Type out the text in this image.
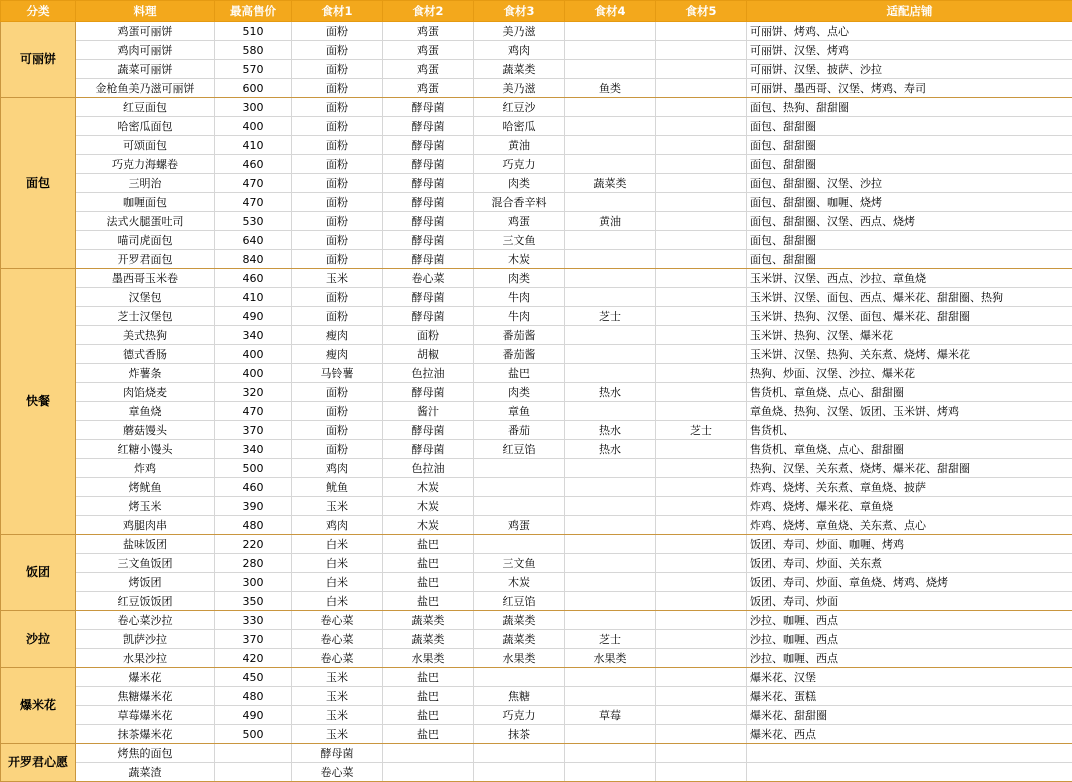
分类	料理	最高售价	食材1	食材2	食材3	食材4	食材5	适配店铺
可丽饼	鸡蛋可丽饼	510	面粉	鸡蛋	美乃滋			可丽饼、烤鸡、点心
	鸡肉可丽饼	580	面粉	鸡蛋	鸡肉			可丽饼、汉堡、烤鸡
	蔬菜可丽饼	570	面粉	鸡蛋	蔬菜类			可丽饼、汉堡、披萨、沙拉
	金枪鱼美乃滋可丽饼	600	面粉	鸡蛋	美乃滋	鱼类		可丽饼、墨西哥、汉堡、烤鸡、寿司
面包	红豆面包	300	面粉	酵母菌	红豆沙			面包、热狗、甜甜圈
	哈密瓜面包	400	面粉	酵母菌	哈密瓜			面包、甜甜圈
	可颂面包	410	面粉	酵母菌	黄油			面包、甜甜圈
	巧克力海螺卷	460	面粉	酵母菌	巧克力			面包、甜甜圈
	三明治	470	面粉	酵母菌	肉类	蔬菜类		面包、甜甜圈、汉堡、沙拉
	咖喱面包	470	面粉	酵母菌	混合香辛料			面包、甜甜圈、咖喱、烧烤
	法式火腿蛋吐司	530	面粉	酵母菌	鸡蛋	黄油		面包、甜甜圈、汉堡、西点、烧烤
	喵司虎面包	640	面粉	酵母菌	三文鱼			面包、甜甜圈
	开罗君面包	840	面粉	酵母菌	木炭			面包、甜甜圈
快餐	墨西哥玉米卷	460	玉米	卷心菜	肉类			玉米饼、汉堡、西点、沙拉、章鱼烧
	汉堡包	410	面粉	酵母菌	牛肉			玉米饼、汉堡、面包、西点、爆米花、甜甜圈、热狗
	芝士汉堡包	490	面粉	酵母菌	牛肉	芝士		玉米饼、热狗、汉堡、面包、爆米花、甜甜圈
	美式热狗	340	瘦肉	面粉	番茄酱			玉米饼、热狗、汉堡、爆米花
	德式香肠	400	瘦肉	胡椒	番茄酱			玉米饼、汉堡、热狗、关东煮、烧烤、爆米花
	炸薯条	400	马铃薯	色拉油	盐巴			热狗、炒面、汉堡、沙拉、爆米花
	肉馅烧麦	320	面粉	酵母菌	肉类	热水		售货机、章鱼烧、点心、甜甜圈
	章鱼烧	470	面粉	酱汁	章鱼			章鱼烧、热狗、汉堡、饭团、玉米饼、烤鸡
	蘑菇馒头	370	面粉	酵母菌	番茄	热水	芝士	售货机、
	红糖小馒头	340	面粉	酵母菌	红豆馅	热水		售货机、章鱼烧、点心、甜甜圈
	炸鸡	500	鸡肉	色拉油				热狗、汉堡、关东煮、烧烤、爆米花、甜甜圈
	烤鱿鱼	460	鱿鱼	木炭				炸鸡、烧烤、关东煮、章鱼烧、披萨
	烤玉米	390	玉米	木炭				炸鸡、烧烤、爆米花、章鱼烧
	鸡腿肉串	480	鸡肉	木炭	鸡蛋			炸鸡、烧烤、章鱼烧、关东煮、点心
饭团	盐味饭团	220	白米	盐巴				饭团、寿司、炒面、咖喱、烤鸡
	三文鱼饭团	280	白米	盐巴	三文鱼			饭团、寿司、炒面、关东煮
	烤饭团	300	白米	盐巴	木炭			饭团、寿司、炒面、章鱼烧、烤鸡、烧烤
	红豆饭饭团	350	白米	盐巴	红豆馅			饭团、寿司、炒面
沙拉	卷心菜沙拉	330	卷心菜	蔬菜类	蔬菜类			沙拉、咖喱、西点
	凯萨沙拉	370	卷心菜	蔬菜类	蔬菜类	芝士		沙拉、咖喱、西点
	水果沙拉	420	卷心菜	水果类	水果类	水果类		沙拉、咖喱、西点
爆米花	爆米花	450	玉米	盐巴				爆米花、汉堡
	焦糖爆米花	480	玉米	盐巴	焦糖			爆米花、蛋糕
	草莓爆米花	490	玉米	盐巴	巧克力	草莓		爆米花、甜甜圈
	抹茶爆米花	500	玉米	盐巴	抹茶			爆米花、西点
开罗君心愿	烤焦的面包		酵母菌					
	蔬菜渣		卷心菜					
